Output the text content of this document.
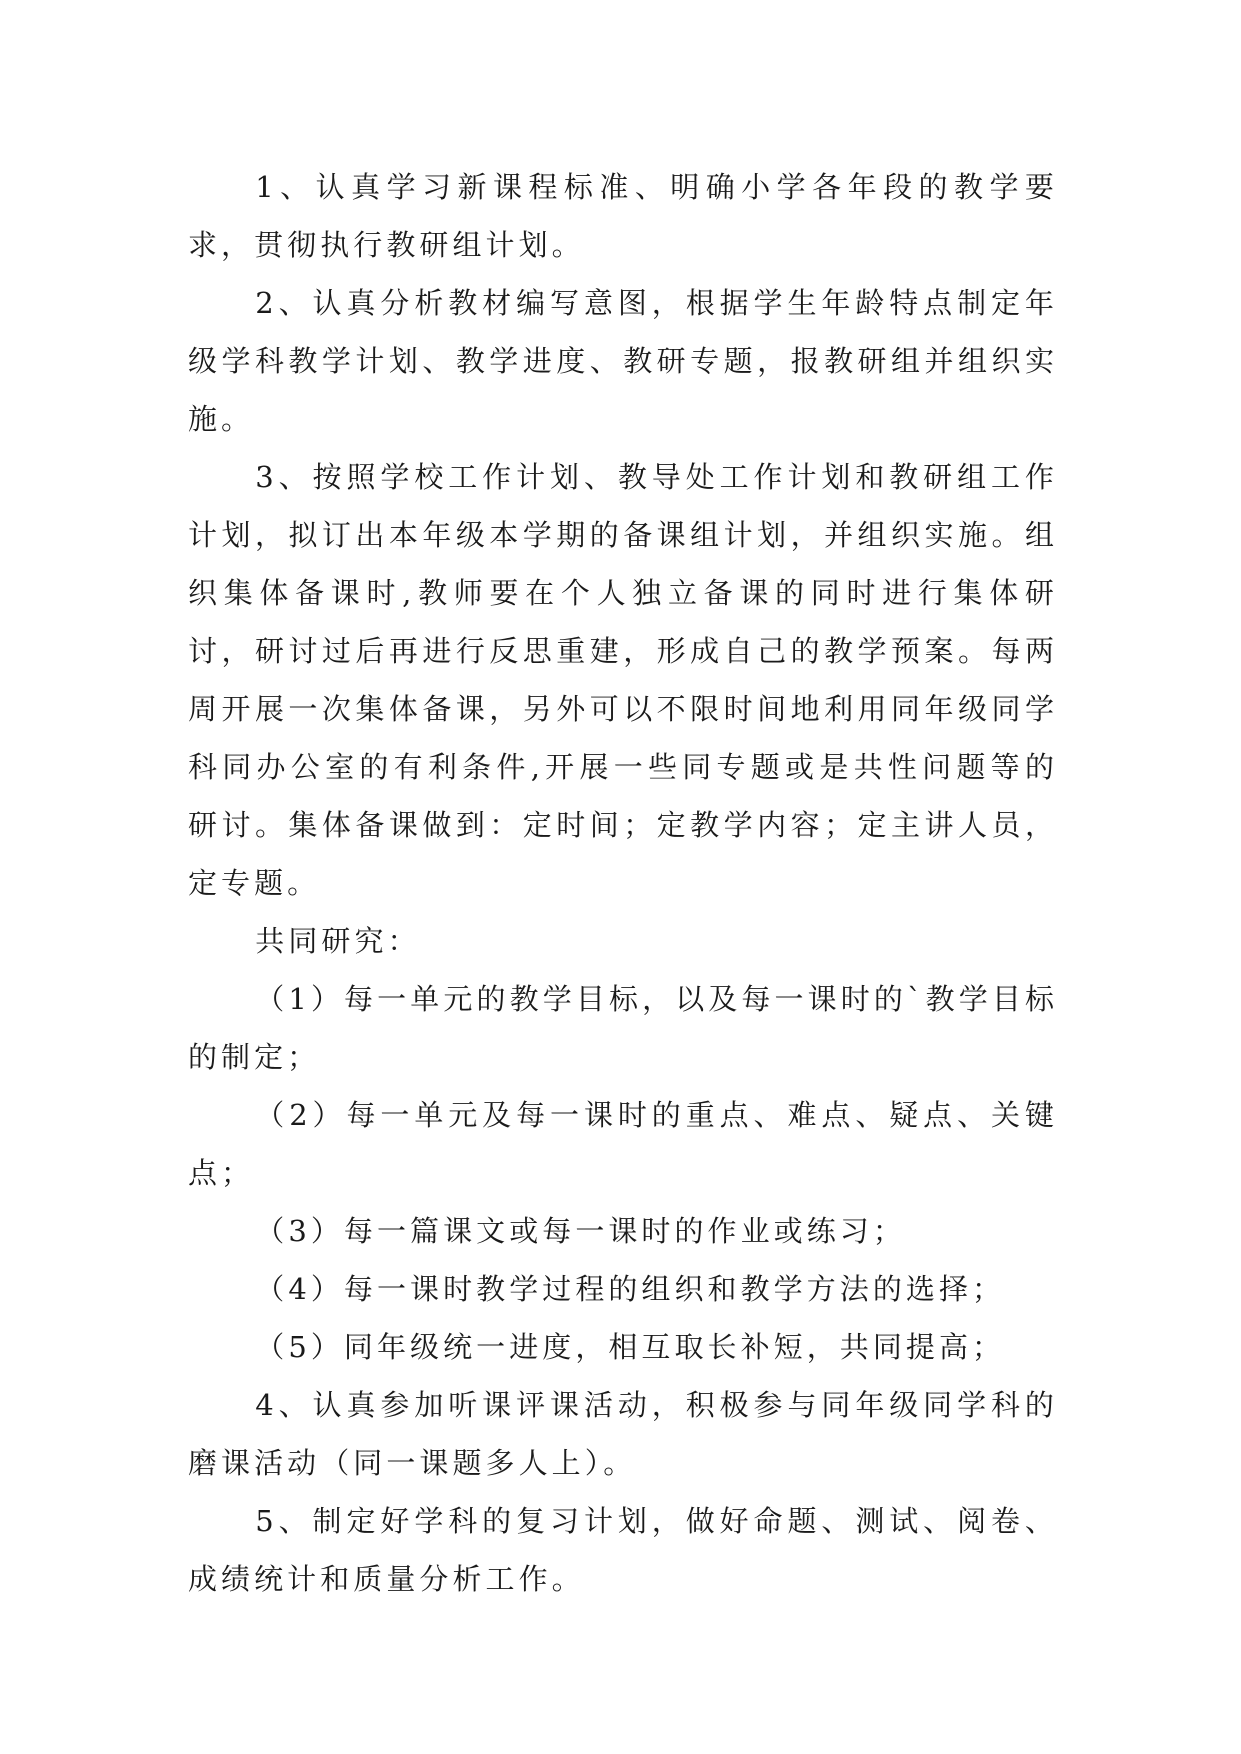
1、认真学习新课程标准、明确小学各年段的教学要求，贯彻执行教研组计划。

2、认真分析教材编写意图，根据学生年龄特点制定年级学科教学计划、教学进度、教研专题，报教研组并组织实施。

3、按照学校工作计划、教导处工作计划和教研组工作计划，拟订出本年级本学期的备课组计划，并组织实施。组织集体备课时,教师要在个人独立备课的同时进行集体研讨，研讨过后再进行反思重建，形成自己的教学预案。每两周开展一次集体备课，另外可以不限时间地利用同年级同学科同办公室的有利条件,开展一些同专题或是共性问题等的研讨。集体备课做到：定时间；定教学内容；定主讲人员，定专题。

共同研究：

（1）每一单元的教学目标，以及每一课时的`教学目标的制定；

（2）每一单元及每一课时的重点、难点、疑点、关键点；

（3）每一篇课文或每一课时的作业或练习；

（4）每一课时教学过程的组织和教学方法的选择；

（5）同年级统一进度，相互取长补短，共同提高；

4、认真参加听课评课活动，积极参与同年级同学科的磨课活动（同一课题多人上）。

5、制定好学科的复习计划，做好命题、测试、阅卷、成绩统计和质量分析工作。
